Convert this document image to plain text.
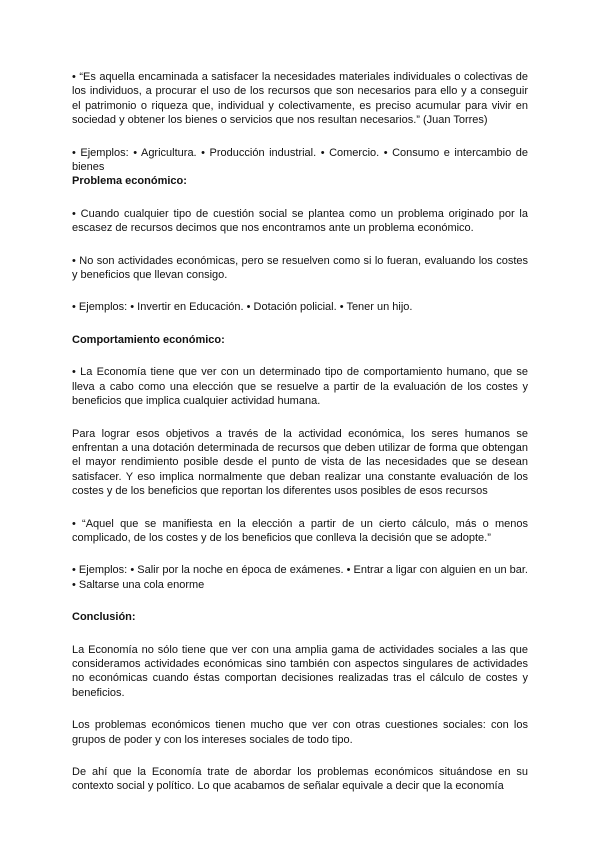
• “Es aquella encaminada a satisfacer la necesidades materiales individuales o colectivas de los individuos, a procurar el uso de los recursos que son necesarios para ello y a conseguir el patrimonio o riqueza que, individual y colectivamente, es preciso acumular para vivir en sociedad y obtener los bienes o servicios que nos resultan necesarios.” (Juan Torres)

• Ejemplos: • Agricultura. • Producción industrial. • Comercio. • Consumo e intercambio de bienes

Problema económico:

• Cuando cualquier tipo de cuestión social se plantea como un problema originado por la escasez de recursos decimos que nos encontramos ante un problema económico.

• No son actividades económicas, pero se resuelven como si lo fueran, evaluando los costes y beneficios que llevan consigo.

• Ejemplos: • Invertir en Educación. • Dotación policial. • Tener un hijo.

Comportamiento económico:

• La Economía tiene que ver con un determinado tipo de comportamiento humano, que se lleva a cabo como una elección que se resuelve a partir de la evaluación de los costes y beneficios que implica cualquier actividad humana.

Para lograr esos objetivos a través de la actividad económica, los seres humanos se enfrentan a una dotación determinada de recursos que deben utilizar de forma que obtengan el mayor rendimiento posible desde el punto de vista de las necesidades que se desean satisfacer. Y eso implica normalmente que deban realizar una constante evaluación de los costes y de los beneficios que reportan los diferentes usos posibles de esos recursos

• “Aquel que se manifiesta en la elección a partir de un cierto cálculo, más o menos complicado, de los costes y de los beneficios que conlleva la decisión que se adopte.”

• Ejemplos: • Salir por la noche en época de exámenes. • Entrar a ligar con alguien en un bar. • Saltarse una cola enorme

Conclusión:

La Economía no sólo tiene que ver con una amplia gama de actividades sociales a las que consideramos actividades económicas sino también con aspectos singulares de actividades no económicas cuando éstas comportan decisiones realizadas tras el cálculo de costes y beneficios.

Los problemas económicos tienen mucho que ver con otras cuestiones sociales: con los grupos de poder y con los intereses sociales de todo tipo.

De ahí que la Economía trate de abordar los problemas económicos situándose en su contexto social y político. Lo que acabamos de señalar equivale a decir que la economía
